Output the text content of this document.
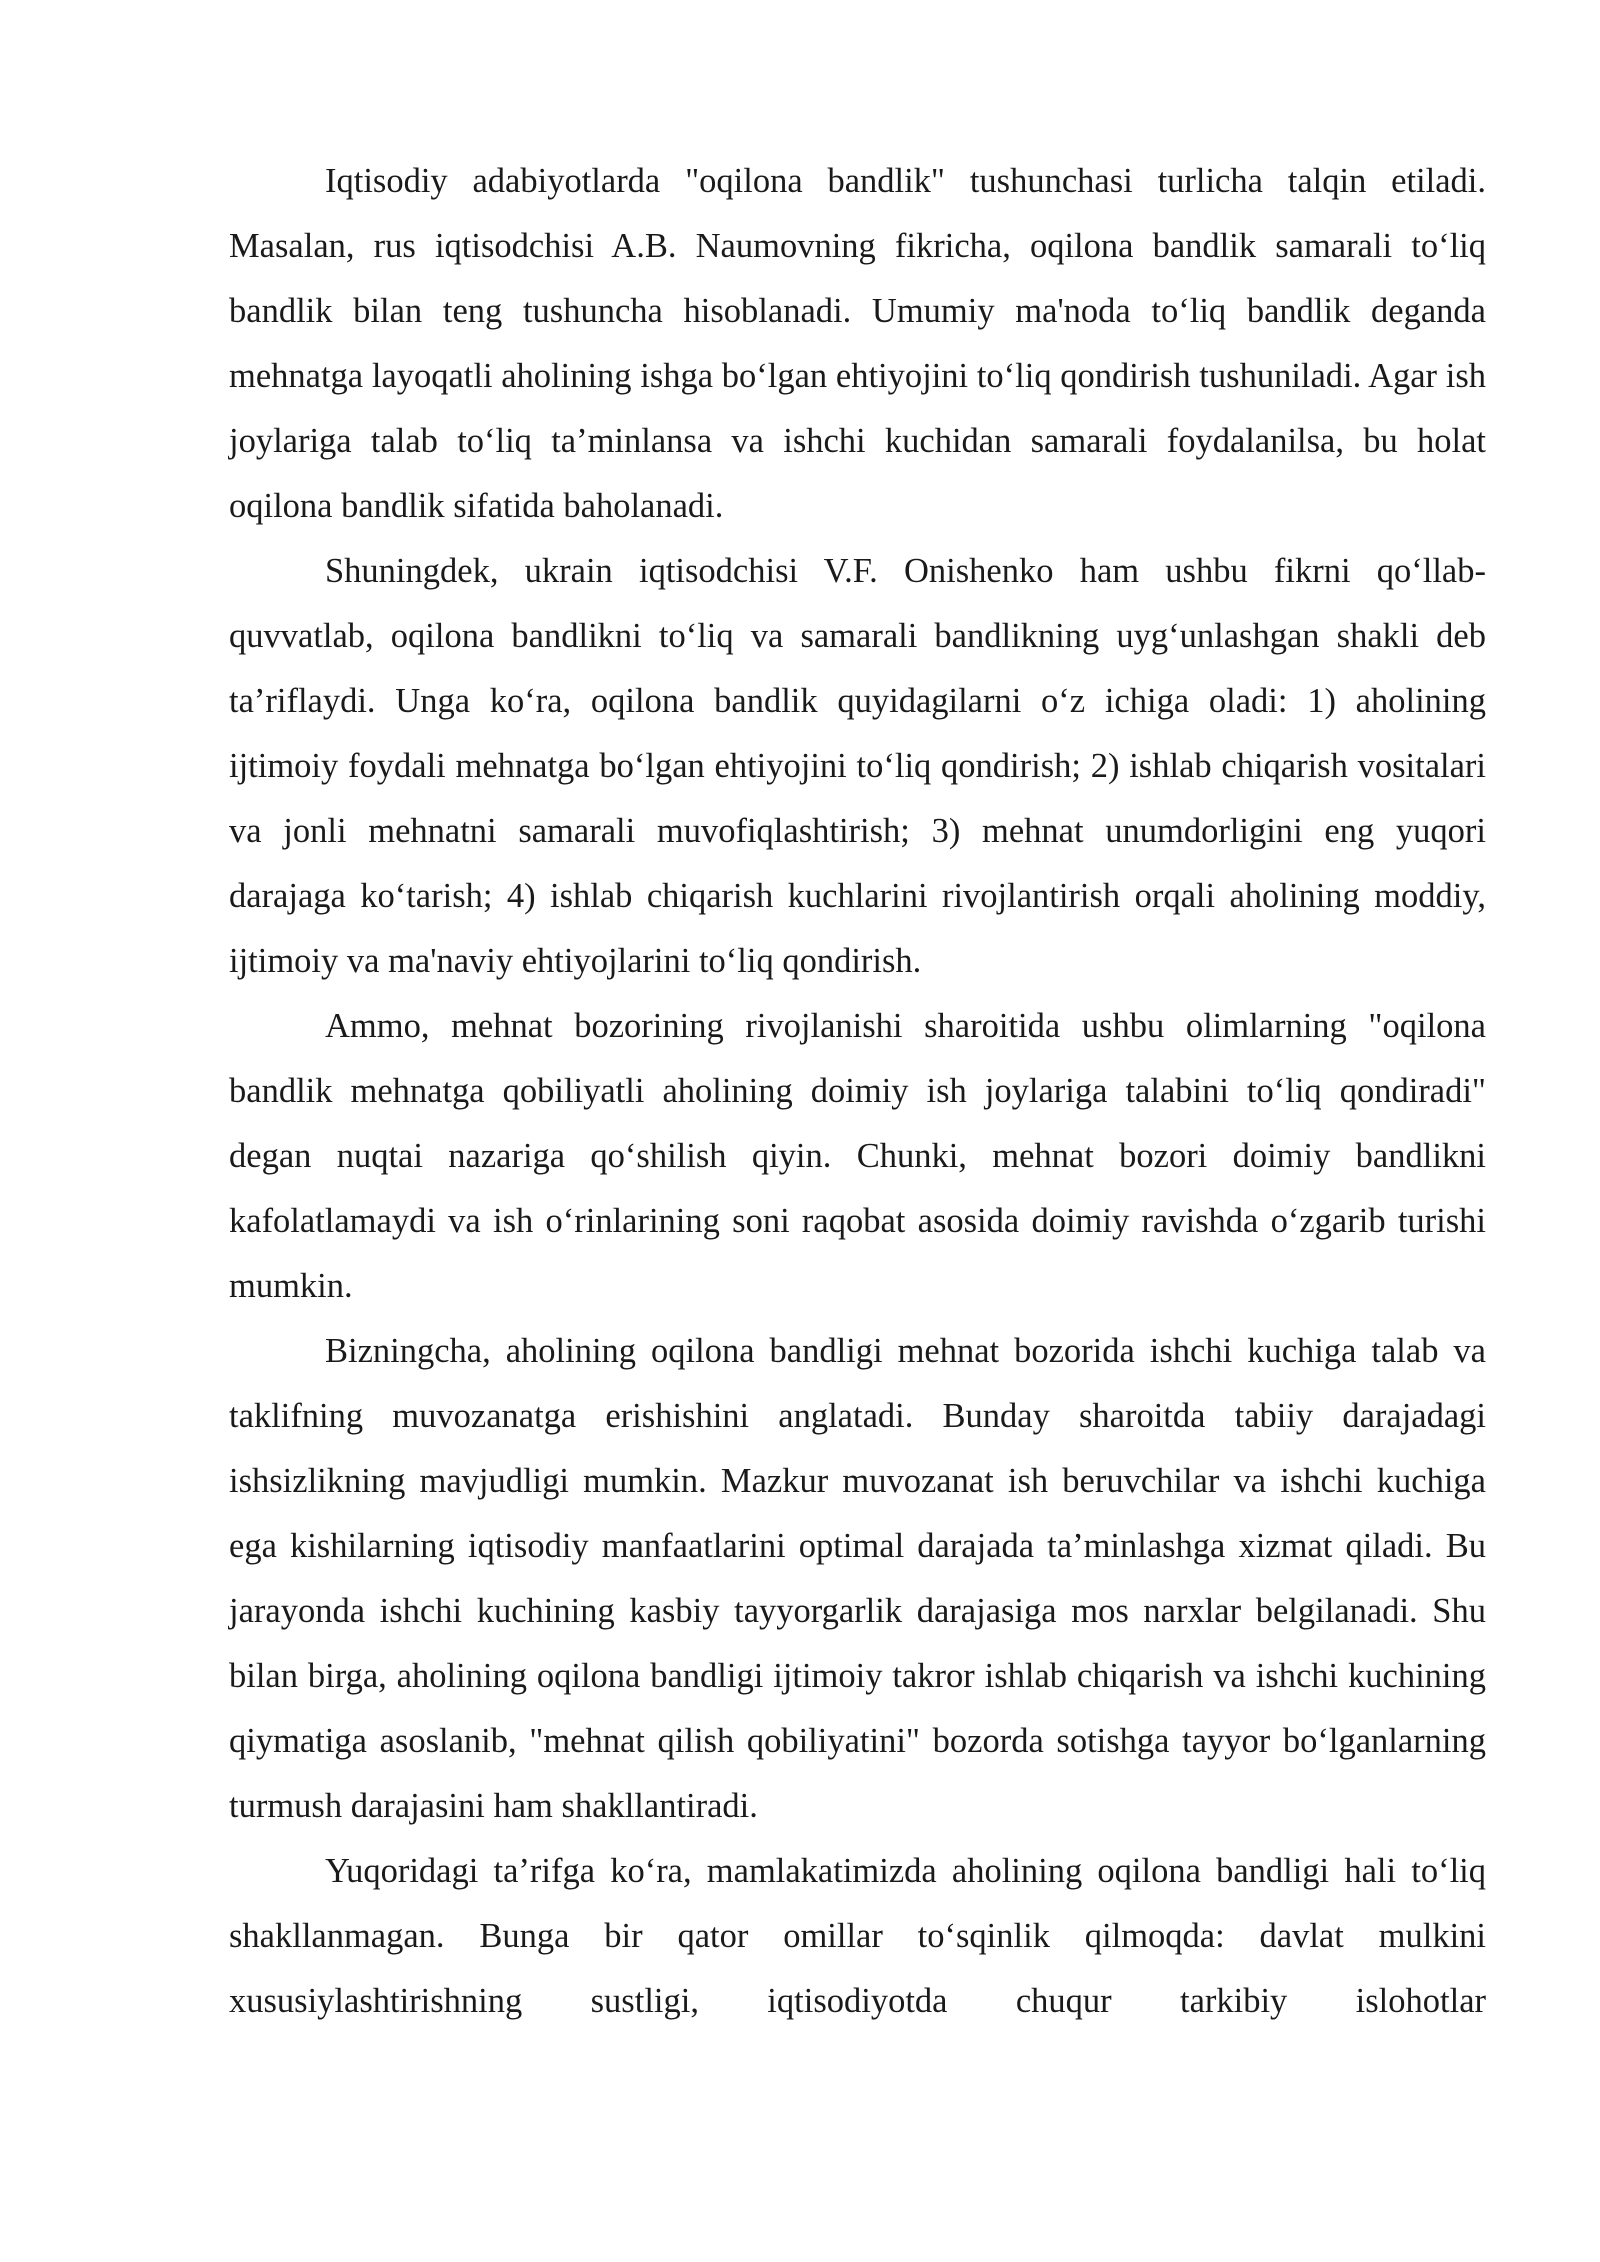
Iqtisodiy adabiyotlarda "oqilona bandlik" tushunchasi turlicha talqin etiladi. Masalan, rus iqtisodchisi A.B. Naumovning fikricha, oqilona bandlik samarali to‘liq bandlik bilan teng tushuncha hisoblanadi. Umumiy ma'noda to‘liq bandlik deganda mehnatga layoqatli aholining ishga bo‘lgan ehtiyojini to‘liq qondirish tushuniladi. Agar ish joylariga talab to‘liq ta’minlansa va ishchi kuchidan samarali foydalanilsa, bu holat oqilona bandlik sifatida baholanadi.

Shuningdek, ukrain iqtisodchisi V.F. Onishenko ham ushbu fikrni qo‘llab-quvvatlab, oqilona bandlikni to‘liq va samarali bandlikning uyg‘unlashgan shakli deb ta’riflaydi. Unga ko‘ra, oqilona bandlik quyidagilarni o‘z ichiga oladi: 1) aholining ijtimoiy foydali mehnatga bo‘lgan ehtiyojini to‘liq qondirish; 2) ishlab chiqarish vositalari va jonli mehnatni samarali muvofiqlashtirish; 3) mehnat unumdorligini eng yuqori darajaga ko‘tarish; 4) ishlab chiqarish kuchlarini rivojlantirish orqali aholining moddiy, ijtimoiy va ma'naviy ehtiyojlarini to‘liq qondirish.

Ammo, mehnat bozorining rivojlanishi sharoitida ushbu olimlarning "oqilona bandlik mehnatga qobiliyatli aholining doimiy ish joylariga talabini to‘liq qondiradi" degan nuqtai nazariga qo‘shilish qiyin. Chunki, mehnat bozori doimiy bandlikni kafolatlamaydi va ish o‘rinlarining soni raqobat asosida doimiy ravishda o‘zgarib turishi mumkin.

Bizningcha, aholining oqilona bandligi mehnat bozorida ishchi kuchiga talab va taklifning muvozanatga erishishini anglatadi. Bunday sharoitda tabiiy darajadagi ishsizlikning mavjudligi mumkin. Mazkur muvozanat ish beruvchilar va ishchi kuchiga ega kishilarning iqtisodiy manfaatlarini optimal darajada ta’minlashga xizmat qiladi. Bu jarayonda ishchi kuchining kasbiy tayyorgarlik darajasiga mos narxlar belgilanadi. Shu bilan birga, aholining oqilona bandligi ijtimoiy takror ishlab chiqarish va ishchi kuchining qiymatiga asoslanib, "mehnat qilish qobiliyatini" bozorda sotishga tayyor bo‘lganlarning turmush darajasini ham shakllantiradi.

Yuqoridagi ta’rifga ko‘ra, mamlakatimizda aholining oqilona bandligi hali to‘liq shakllanmagan. Bunga bir qator omillar to‘sqinlik qilmoqda: davlat mulkini xususiylashtirishning sustligi, iqtisodiyotda chuqur tarkibiy islohotlar
